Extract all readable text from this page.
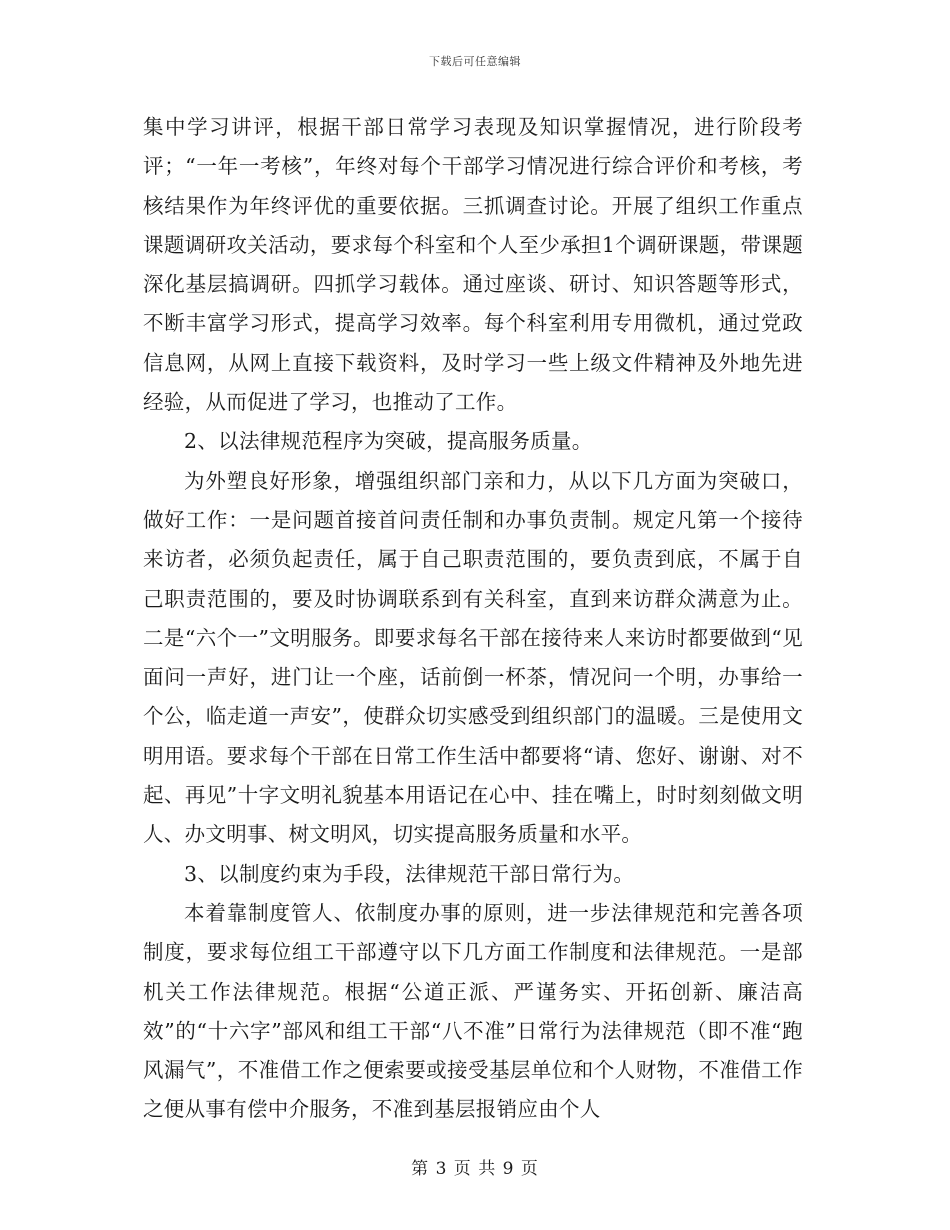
下载后可任意编辑

集中学习讲评，根据干部日常学习表现及知识掌握情况，进行阶段考评；“一年一考核”，年终对每个干部学习情况进行综合评价和考核，考核结果作为年终评优的重要依据。三抓调查讨论。开展了组织工作重点课题调研攻关活动，要求每个科室和个人至少承担1个调研课题，带课题深化基层搞调研。四抓学习载体。通过座谈、研讨、知识答题等形式，不断丰富学习形式，提高学习效率。每个科室利用专用微机，通过党政信息网，从网上直接下载资料，及时学习一些上级文件精神及外地先进经验，从而促进了学习，也推动了工作。

2、以法律规范程序为突破，提高服务质量。

为外塑良好形象，增强组织部门亲和力，从以下几方面为突破口，做好工作：一是问题首接首问责任制和办事负责制。规定凡第一个接待来访者，必须负起责任，属于自己职责范围的，要负责到底，不属于自己职责范围的，要及时协调联系到有关科室，直到来访群众满意为止。二是“六个一”文明服务。即要求每名干部在接待来人来访时都要做到“见面问一声好，进门让一个座，话前倒一杯茶，情况问一个明，办事给一个公，临走道一声安”，使群众切实感受到组织部门的温暖。三是使用文明用语。要求每个干部在日常工作生活中都要将“请、您好、谢谢、对不起、再见”十字文明礼貌基本用语记在心中、挂在嘴上，时时刻刻做文明人、办文明事、树文明风，切实提高服务质量和水平。

3、以制度约束为手段，法律规范干部日常行为。

本着靠制度管人、依制度办事的原则，进一步法律规范和完善各项制度，要求每位组工干部遵守以下几方面工作制度和法律规范。一是部机关工作法律规范。根据“公道正派、严谨务实、开拓创新、廉洁高效”的“十六字”部风和组工干部“八不准”日常行为法律规范（即不准“跑风漏气”，不准借工作之便索要或接受基层单位和个人财物，不准借工作之便从事有偿中介服务，不准到基层报销应由个人

第 3 页 共 9 页
